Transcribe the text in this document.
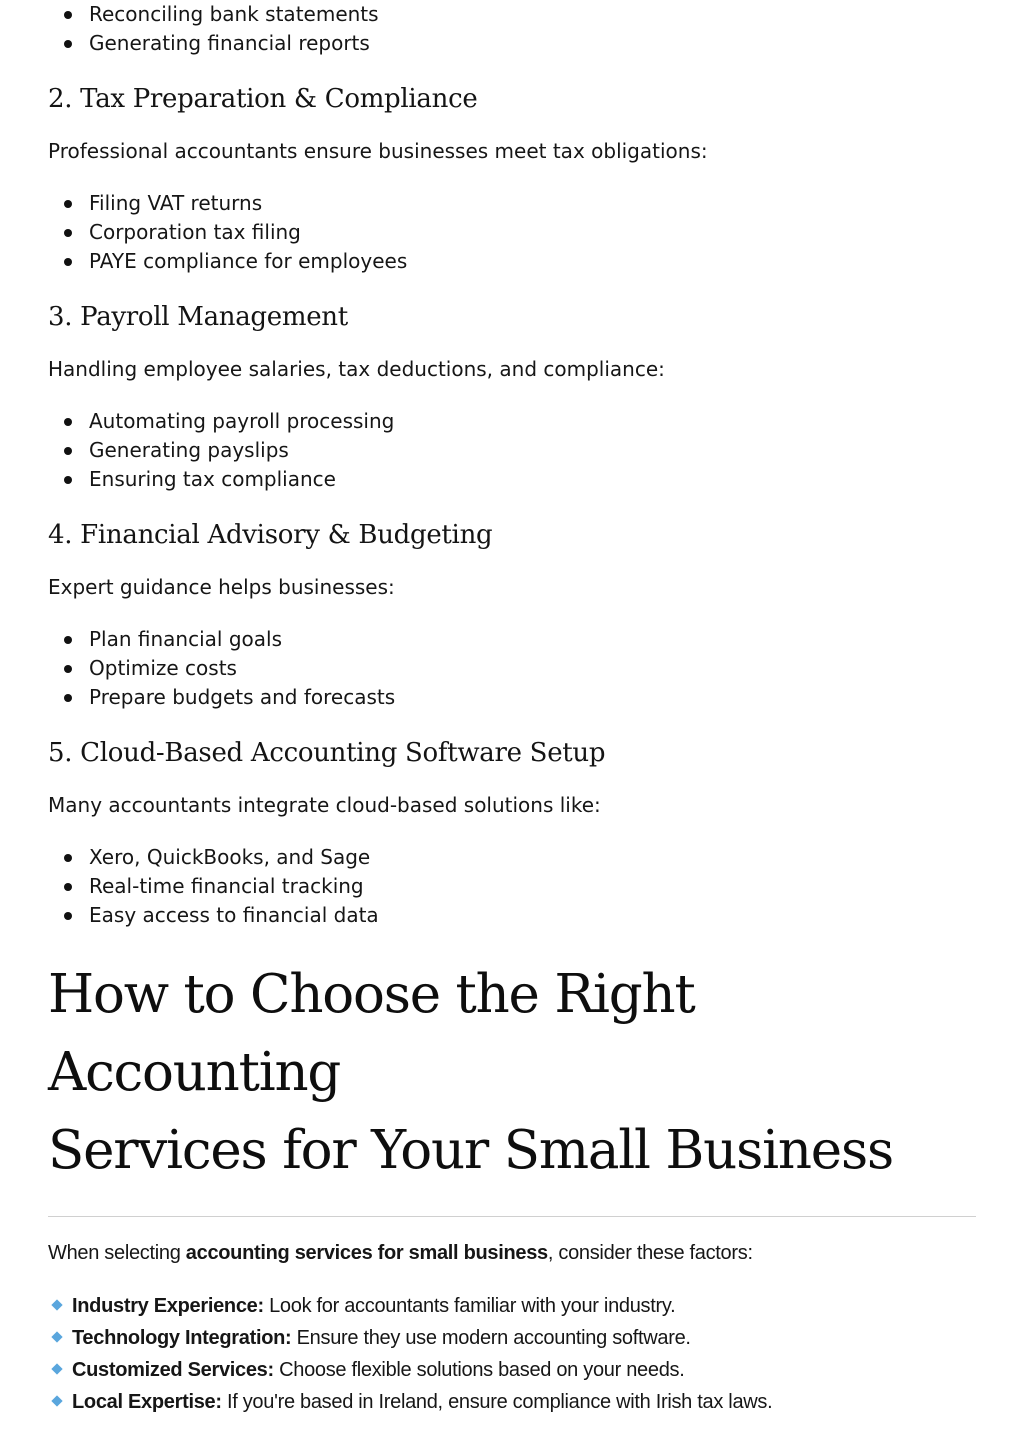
Reconciling bank statements
Generating financial reports
2. Tax Preparation & Compliance

Professional accountants ensure businesses meet tax obligations:

Filing VAT returns
Corporation tax filing
PAYE compliance for employees
3. Payroll Management

Handling employee salaries, tax deductions, and compliance:

Automating payroll processing
Generating payslips
Ensuring tax compliance
4. Financial Advisory & Budgeting

Expert guidance helps businesses:

Plan financial goals
Optimize costs
Prepare budgets and forecasts
5. Cloud-Based Accounting Software Setup

Many accountants integrate cloud-based solutions like:

Xero, QuickBooks, and Sage
Real-time financial tracking
Easy access to financial data
How to Choose the Right Accounting
Services for Your Small Business

When selecting accounting services for small business, consider these factors:

Industry Experience: Look for accountants familiar with your industry.
Technology Integration: Ensure they use modern accounting software.
Customized Services: Choose flexible solutions based on your needs.
Local Expertise: If you're based in Ireland, ensure compliance with Irish tax laws.
